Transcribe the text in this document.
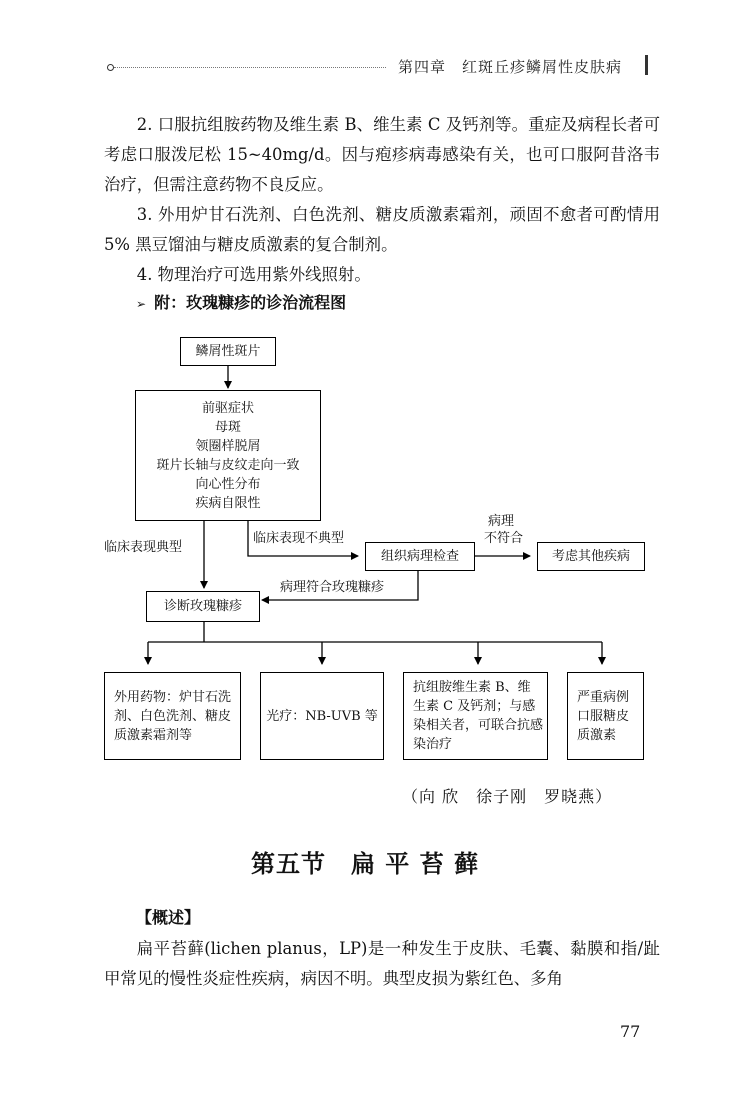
第四章　红斑丘疹鳞屑性皮肤病

2. 口服抗组胺药物及维生素 B、维生素 C 及钙剂等。重症及病程长者可考虑口服泼尼松 15~40mg/d。因与疱疹病毒感染有关，也可口服阿昔洛韦治疗，但需注意药物不良反应。

3. 外用炉甘石洗剂、白色洗剂、糖皮质激素霜剂，顽固不愈者可酌情用 5% 黑豆馏油与糖皮质激素的复合制剂。

4. 物理治疗可选用紫外线照射。

➢ 附：玫瑰糠疹的诊治流程图
鳞屑性斑片
前驱症状
母斑
领圈样脱屑
斑片长轴与皮纹走向一致
向心性分布
疾病自限性
临床表现典型
临床表现不典型
组织病理检查
病理
不符合
考虑其他疾病
病理符合玫瑰糠疹
诊断玫瑰糠疹
外用药物：炉甘石洗剂、白色洗剂、糖皮质激素霜剂等
光疗：NB-UVB 等
抗组胺维生素 B、维生素 C 及钙剂；与感染相关者，可联合抗感染治疗
严重病例口服糖皮质激素
（向 欣　徐子刚　罗晓燕）
第五节　扁 平 苔 藓
【概述】

扁平苔藓(lichen planus，LP)是一种发生于皮肤、毛囊、黏膜和指/趾甲常见的慢性炎症性疾病，病因不明。典型皮损为紫红色、多角

77
